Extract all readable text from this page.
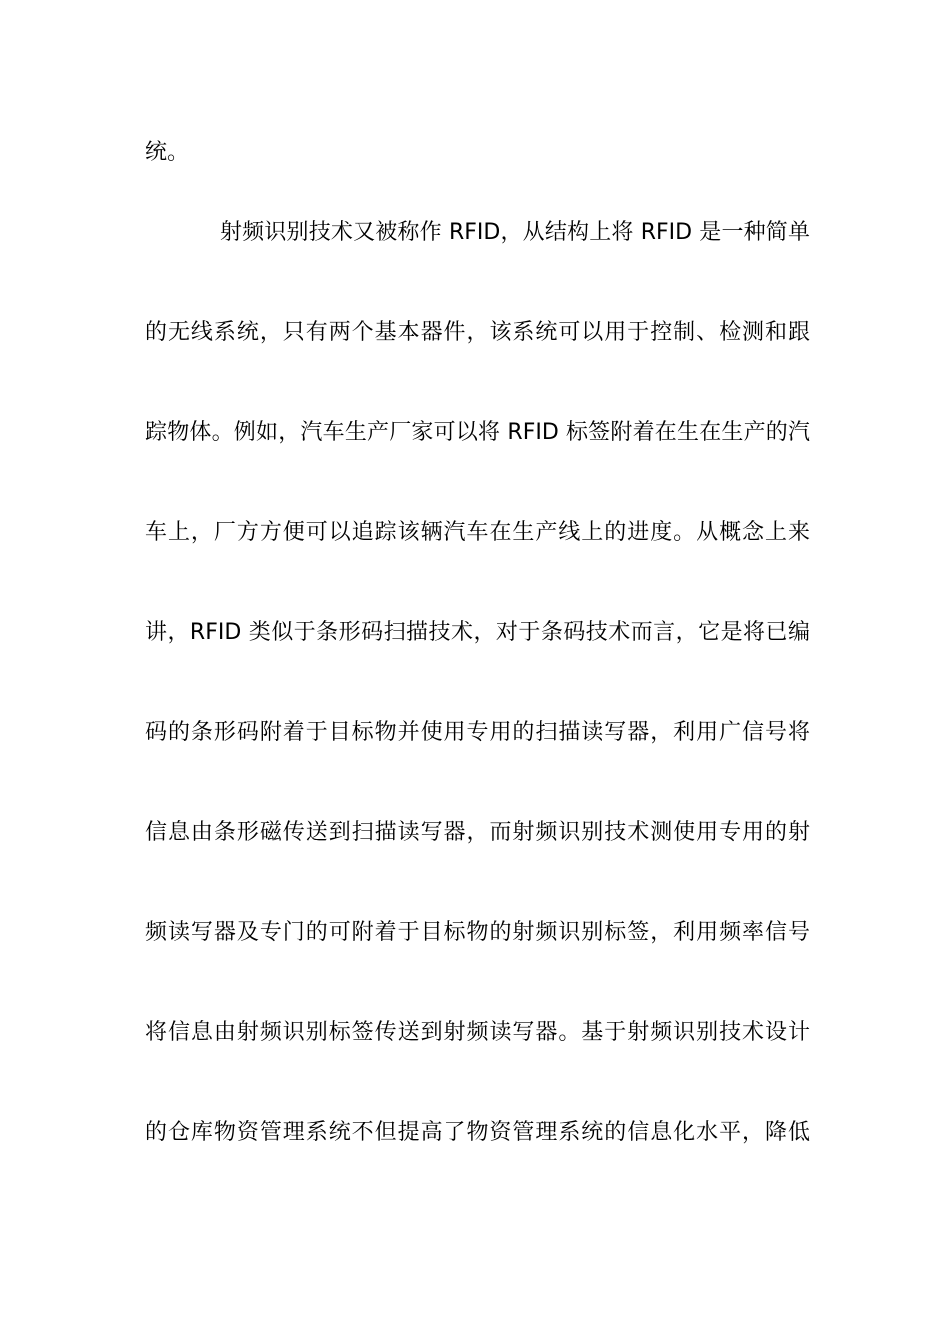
统。
射频识别技术又被称作 RFID，从结构上将 RFID 是一种简单
的无线系统，只有两个基本器件，该系统可以用于控制、检测和跟
踪物体。例如，汽车生产厂家可以将 RFID 标签附着在生在生产的汽
车上，厂方方便可以追踪该辆汽车在生产线上的进度。从概念上来
讲，RFID 类似于条形码扫描技术，对于条码技术而言，它是将已编
码的条形码附着于目标物并使用专用的扫描读写器，利用广信号将
信息由条形磁传送到扫描读写器，而射频识别技术测使用专用的射
频读写器及专门的可附着于目标物的射频识别标签，利用频率信号
将信息由射频识别标签传送到射频读写器。基于射频识别技术设计
的仓库物资管理系统不但提高了物资管理系统的信息化水平，降低
